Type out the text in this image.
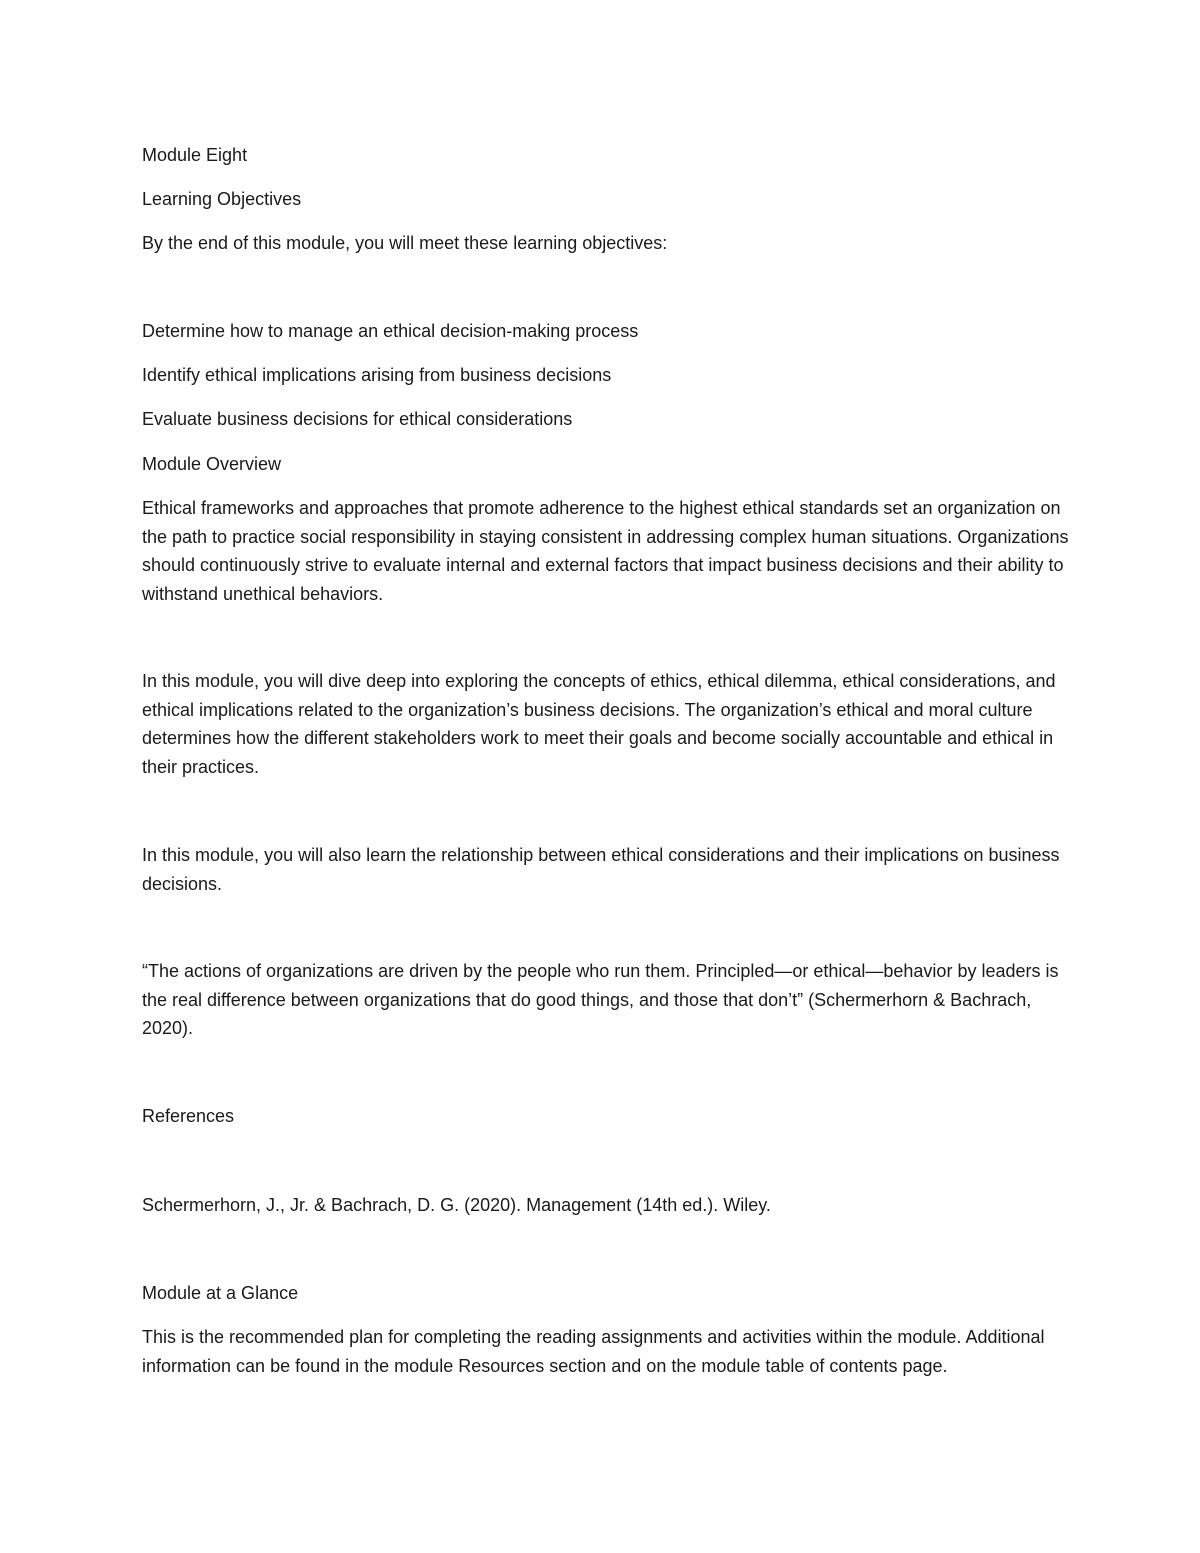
Module Eight

Learning Objectives

By the end of this module, you will meet these learning objectives:

Determine how to manage an ethical decision-making process

Identify ethical implications arising from business decisions

Evaluate business decisions for ethical considerations

Module Overview

Ethical frameworks and approaches that promote adherence to the highest ethical standards set an organization on the path to practice social responsibility in staying consistent in addressing complex human situations. Organizations should continuously strive to evaluate internal and external factors that impact business decisions and their ability to withstand unethical behaviors.

In this module, you will dive deep into exploring the concepts of ethics, ethical dilemma, ethical considerations, and ethical implications related to the organization’s business decisions. The organization’s ethical and moral culture determines how the different stakeholders work to meet their goals and become socially accountable and ethical in their practices.

In this module, you will also learn the relationship between ethical considerations and their implications on business decisions.

“The actions of organizations are driven by the people who run them. Principled—or ethical—behavior by leaders is the real difference between organizations that do good things, and those that don’t” (Schermerhorn & Bachrach, 2020).

References

Schermerhorn, J., Jr. & Bachrach, D. G. (2020). Management (14th ed.). Wiley.

Module at a Glance

This is the recommended plan for completing the reading assignments and activities within the module. Additional information can be found in the module Resources section and on the module table of contents page.
